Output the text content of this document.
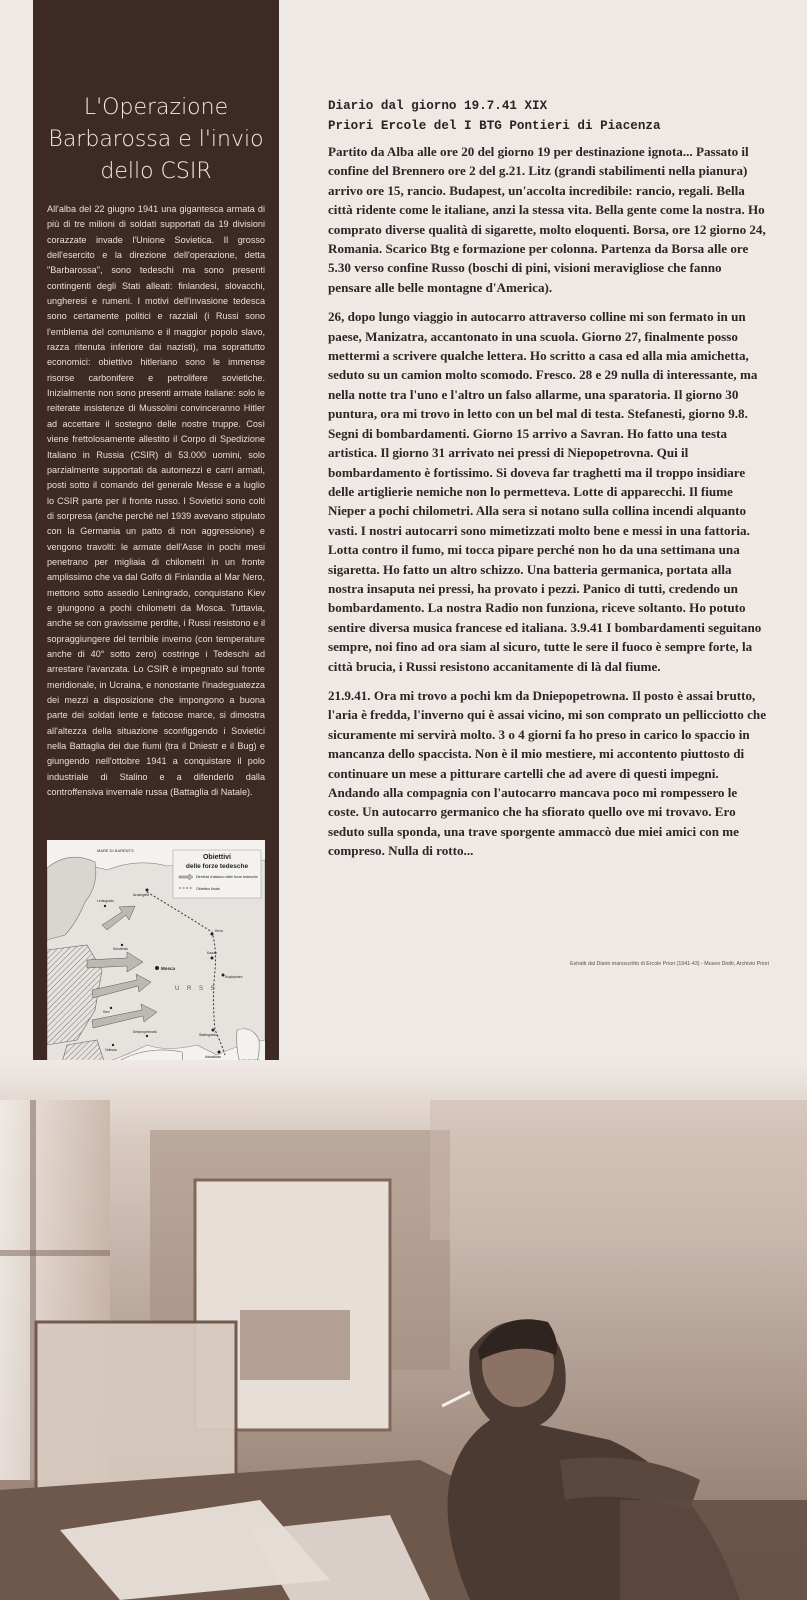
L'Operazione
Barbarossa e l'invio
dello CSIR

All'alba del 22 giugno 1941 una gigantesca armata di più di tre milioni di soldati supportati da 19 divisioni corazzate invade l'Unione Sovietica. Il grosso dell'esercito e la direzione dell'operazione, detta "Barbarossa", sono tedeschi ma sono presenti contingenti degli Stati alleati: finlandesi, slovacchi, ungheresi e rumeni. I motivi dell'invasione tedesca sono certamente politici e razziali (i Russi sono l'emblema del comunismo e il maggior popolo slavo, razza ritenuta inferiore dai nazisti), ma soprattutto economici: obiettivo hitleriano sono le immense risorse carbonifere e petrolifere sovietiche. Inizialmente non sono presenti armate italiane: solo le reiterate insistenze di Mussolini convinceranno Hitler ad accettare il sostegno delle nostre truppe. Così viene frettolosamente allestito il Corpo di Spedizione Italiano in Russia (CSIR) di 53.000 uomini, solo parzialmente supportati da automezzi e carri armati, posti sotto il comando del generale Messe e a luglio lo CSIR parte per il fronte russo. I Sovietici sono colti di sorpresa (anche perché nel 1939 avevano stipulato con la Germania un patto di non aggressione) e vengono travolti: le armate dell'Asse in pochi mesi penetrano per migliaia di chilometri in un fronte amplissimo che va dal Golfo di Finlandia al Mar Nero, mettono sotto assedio Leningrado, conquistano Kiev e giungono a pochi chilometri da Mosca. Tuttavia, anche se con gravissime perdite, i Russi resistono e il sopraggiungere del terribile inverno (con temperature anche di 40° sotto zero) costringe i Tedeschi ad arrestare l'avanzata. Lo CSIR è impegnato sul fronte meridionale, in Ucraina, e nonostante l'inadeguatezza dei mezzi a disposizione che impongono a buona parte dei soldati lente e faticose marce, si dimostra all'altezza della situazione sconfiggendo i Sovietici nella Battaglia dei due fiumi (tra il Dniestr e il Bug) e giungendo nell'ottobre 1941 a conquistare il polo industriale di Stalino e a difenderlo dalla controffensiva invernale russa (Battaglia di Natale).

Obiettivi
delle forze tedesche
Direttrici d'attacco delle forze tedesche
Obiettivo finale
MARE DI BARENTS
Mosca
Kazan
Kuybyshev
Kirov
Arcangelo
Stalingrado
Astrakhan
Smolensk
Leningrado
Kiev
Odessa
Dnepropetrovsk
U R S S
Diario dal giorno 19.7.41 XIX
Priori Ercole del I BTG Pontieri di Piacenza

Partito da Alba alle ore 20 del giorno 19 per destinazione ignota... Passato il confine del Brennero ore 2 del g.21. Litz (grandi stabilimenti nella pianura) arrivo ore 15, rancio. Budapest, un'accolta incredibile: rancio, regali. Bella città ridente come le italiane, anzi la stessa vita. Bella gente come la nostra. Ho comprato diverse qualità di sigarette, molto eloquenti. Borsa, ore 12 giorno 24, Romania. Scarico Btg e formazione per colonna. Partenza da Borsa alle ore 5.30 verso confine Russo (boschi di pini, visioni meravigliose che fanno pensare alle belle montagne d'America).

26, dopo lungo viaggio in autocarro attraverso colline mi son fermato in un paese, Manizatra, accantonato in una scuola. Giorno 27, finalmente posso mettermi a scrivere qualche lettera. Ho scritto a casa ed alla mia amichetta, seduto su un camion molto scomodo. Fresco. 28 e 29 nulla di interessante, ma nella notte tra l'uno e l'altro un falso allarme, una sparatoria. Il giorno 30 puntura, ora mi trovo in letto con un bel mal di testa. Stefanesti, giorno 9.8. Segni di bombardamenti. Giorno 15 arrivo a Savran. Ho fatto una testa artistica. Il giorno 31 arrivato nei pressi di Niepopetrovna. Qui il bombardamento è fortissimo. Si doveva far traghetti ma il troppo insidiare delle artiglierie nemiche non lo permetteva. Lotte di apparecchi. Il fiume Nieper a pochi chilometri. Alla sera si notano sulla collina incendi alquanto vasti. I nostri autocarri sono mimetizzati molto bene e messi in una fattoria. Lotta contro il fumo, mi tocca pipare perché non ho da una settimana una sigaretta. Ho fatto un altro schizzo. Una batteria germanica, portata alla nostra insaputa nei pressi, ha provato i pezzi. Panico di tutti, credendo un bombardamento. La nostra Radio non funziona, riceve soltanto. Ho potuto sentire diversa musica francese ed italiana. 3.9.41 I bombardamenti seguitano sempre, noi fino ad ora siam al sicuro, tutte le sere il fuoco è sempre forte, la città brucia, i Russi resistono accanitamente di là dal fiume.

21.9.41. Ora mi trovo a pochi km da Dniepopetrowna. Il posto è assai brutto, l'aria è fredda, l'inverno qui è assai vicino, mi son comprato un pellicciotto che sicuramente mi servirà molto. 3 o 4 giorni fa ho preso in carico lo spaccio in mancanza dello spaccista. Non è il mio mestiere, mi accontento piuttosto di continuare un mese a pitturare cartelli che ad avere di questi impegni. Andando alla compagnia con l'autocarro mancava poco mi rompessero le coste. Un autocarro germanico che ha sfiorato quello ove mi trovavo. Ero seduto sulla sponda, una trave sporgente ammaccò due miei amici con me compreso. Nulla di rotto...

Estratti dal Diario manoscritto di Ercole Priori (1941-43) - Museo Diotti, Archivio Priori
